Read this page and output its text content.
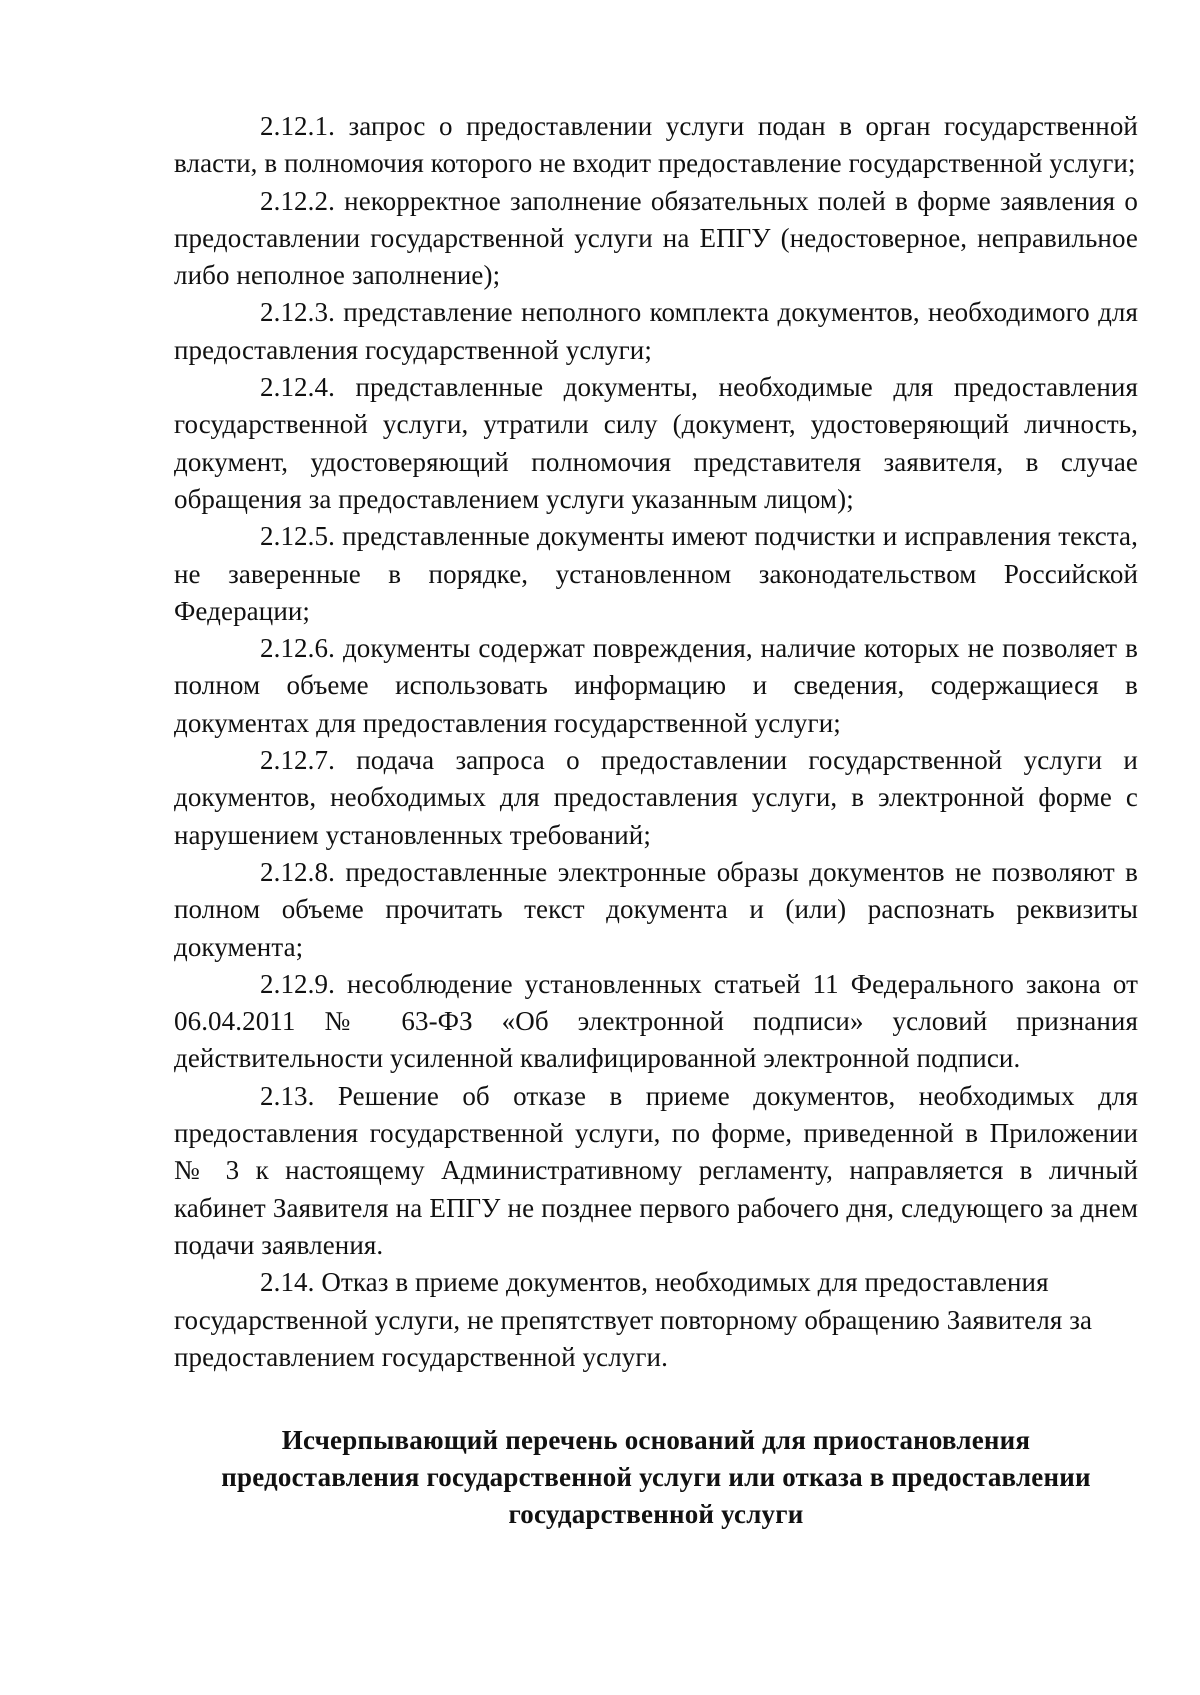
2.12.1. запрос о предоставлении услуги подан в орган государственной власти, в полномочия которого не входит предоставление государственной услуги;

2.12.2. некорректное заполнение обязательных полей в форме заявления о предоставлении государственной услуги на ЕПГУ (недостоверное, неправильное либо неполное заполнение);

2.12.3. представление неполного комплекта документов, необходимого для предоставления государственной услуги;

2.12.4. представленные документы, необходимые для предоставления государственной услуги, утратили силу (документ, удостоверяющий личность, документ, удостоверяющий полномочия представителя заявителя, в случае обращения за предоставлением услуги указанным лицом);

2.12.5. представленные документы имеют подчистки и исправления текста, не заверенные в порядке, установленном законодательством Российской Федерации;

2.12.6. документы содержат повреждения, наличие которых не позволяет в полном объеме использовать информацию и сведения, содержащиеся в документах для предоставления государственной услуги;

2.12.7. подача запроса о предоставлении государственной услуги и документов, необходимых для предоставления услуги, в электронной форме с нарушением установленных требований;

2.12.8. предоставленные электронные образы документов не позволяют в полном объеме прочитать текст документа и (или) распознать реквизиты документа;

2.12.9. несоблюдение установленных статьей 11 Федерального закона от 06.04.2011 № 63-ФЗ «Об электронной подписи» условий признания действительности усиленной квалифицированной электронной подписи.

2.13. Решение об отказе в приеме документов, необходимых для предоставления государственной услуги, по форме, приведенной в Приложении № 3 к настоящему Административному регламенту, направляется в личный кабинет Заявителя на ЕПГУ не позднее первого рабочего дня, следующего за днем подачи заявления.

2.14. Отказ в приеме документов, необходимых для предоставления государственной услуги, не препятствует повторному обращению Заявителя за предоставлением государственной услуги.

Исчерпывающий перечень оснований для приостановления
предоставления государственной услуги или отказа в предоставлении
государственной услуги
